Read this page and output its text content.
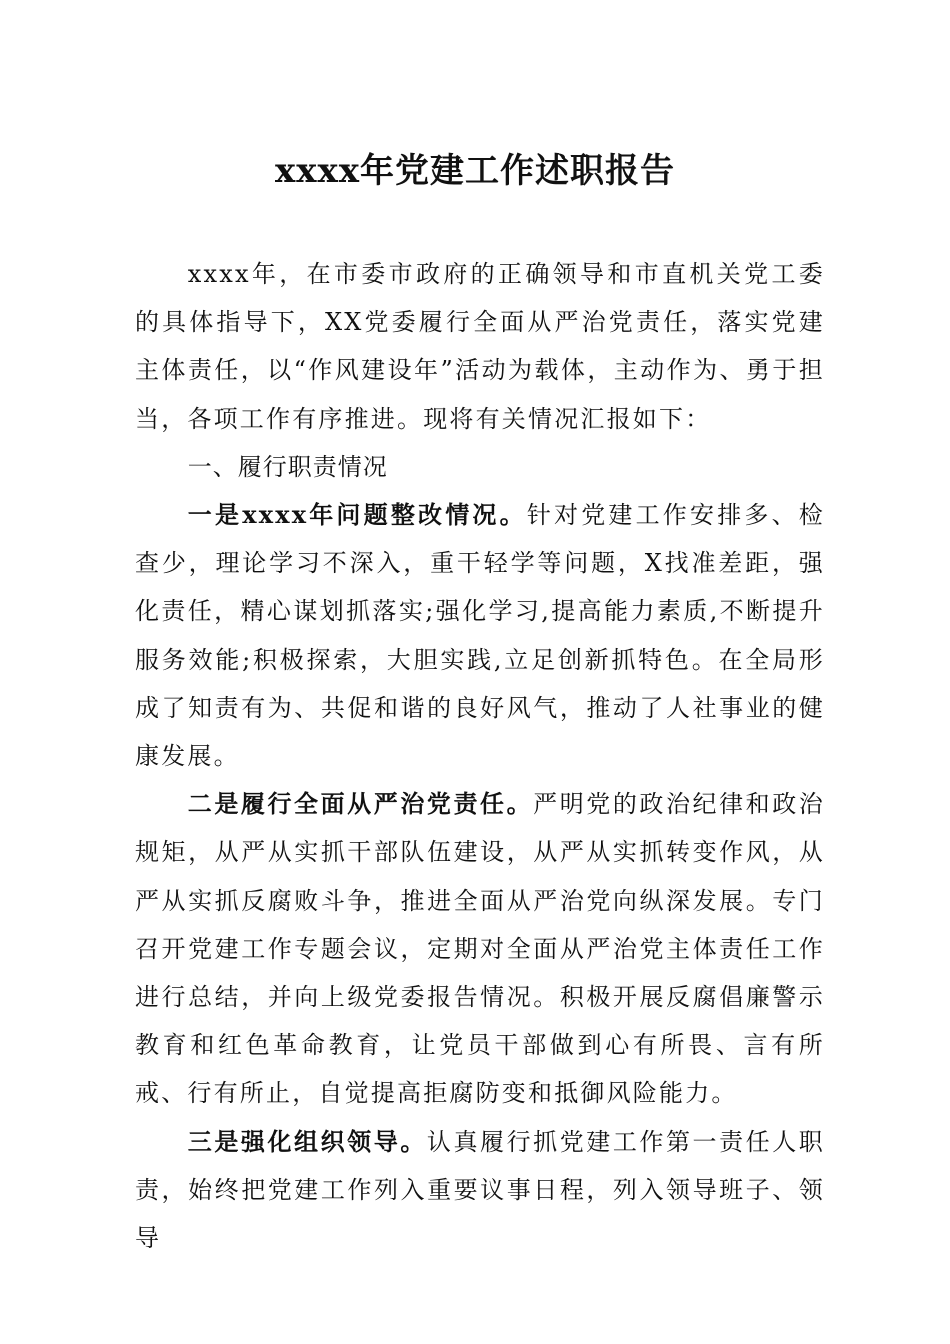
xxxx年党建工作述职报告

xxxx年，在市委市政府的正确领导和市直机关党工委的具体指导下，XX党委履行全面从严治党责任，落实党建主体责任，以“作风建设年”活动为载体，主动作为、勇于担当，各项工作有序推进。现将有关情况汇报如下：

一、履行职责情况

一是xxxx年问题整改情况。针对党建工作安排多、检查少，理论学习不深入，重干轻学等问题，X找准差距，强化责任，精心谋划抓落实;强化学习,提高能力素质,不断提升服务效能;积极探索，大胆实践,立足创新抓特色。在全局形成了知责有为、共促和谐的良好风气，推动了人社事业的健康发展。

二是履行全面从严治党责任。严明党的政治纪律和政治规矩，从严从实抓干部队伍建设，从严从实抓转变作风，从严从实抓反腐败斗争，推进全面从严治党向纵深发展。专门召开党建工作专题会议，定期对全面从严治党主体责任工作进行总结，并向上级党委报告情况。积极开展反腐倡廉警示教育和红色革命教育，让党员干部做到心有所畏、言有所戒、行有所止，自觉提高拒腐防变和抵御风险能力。

三是强化组织领导。认真履行抓党建工作第一责任人职责，始终把党建工作列入重要议事日程，列入领导班子、领导
